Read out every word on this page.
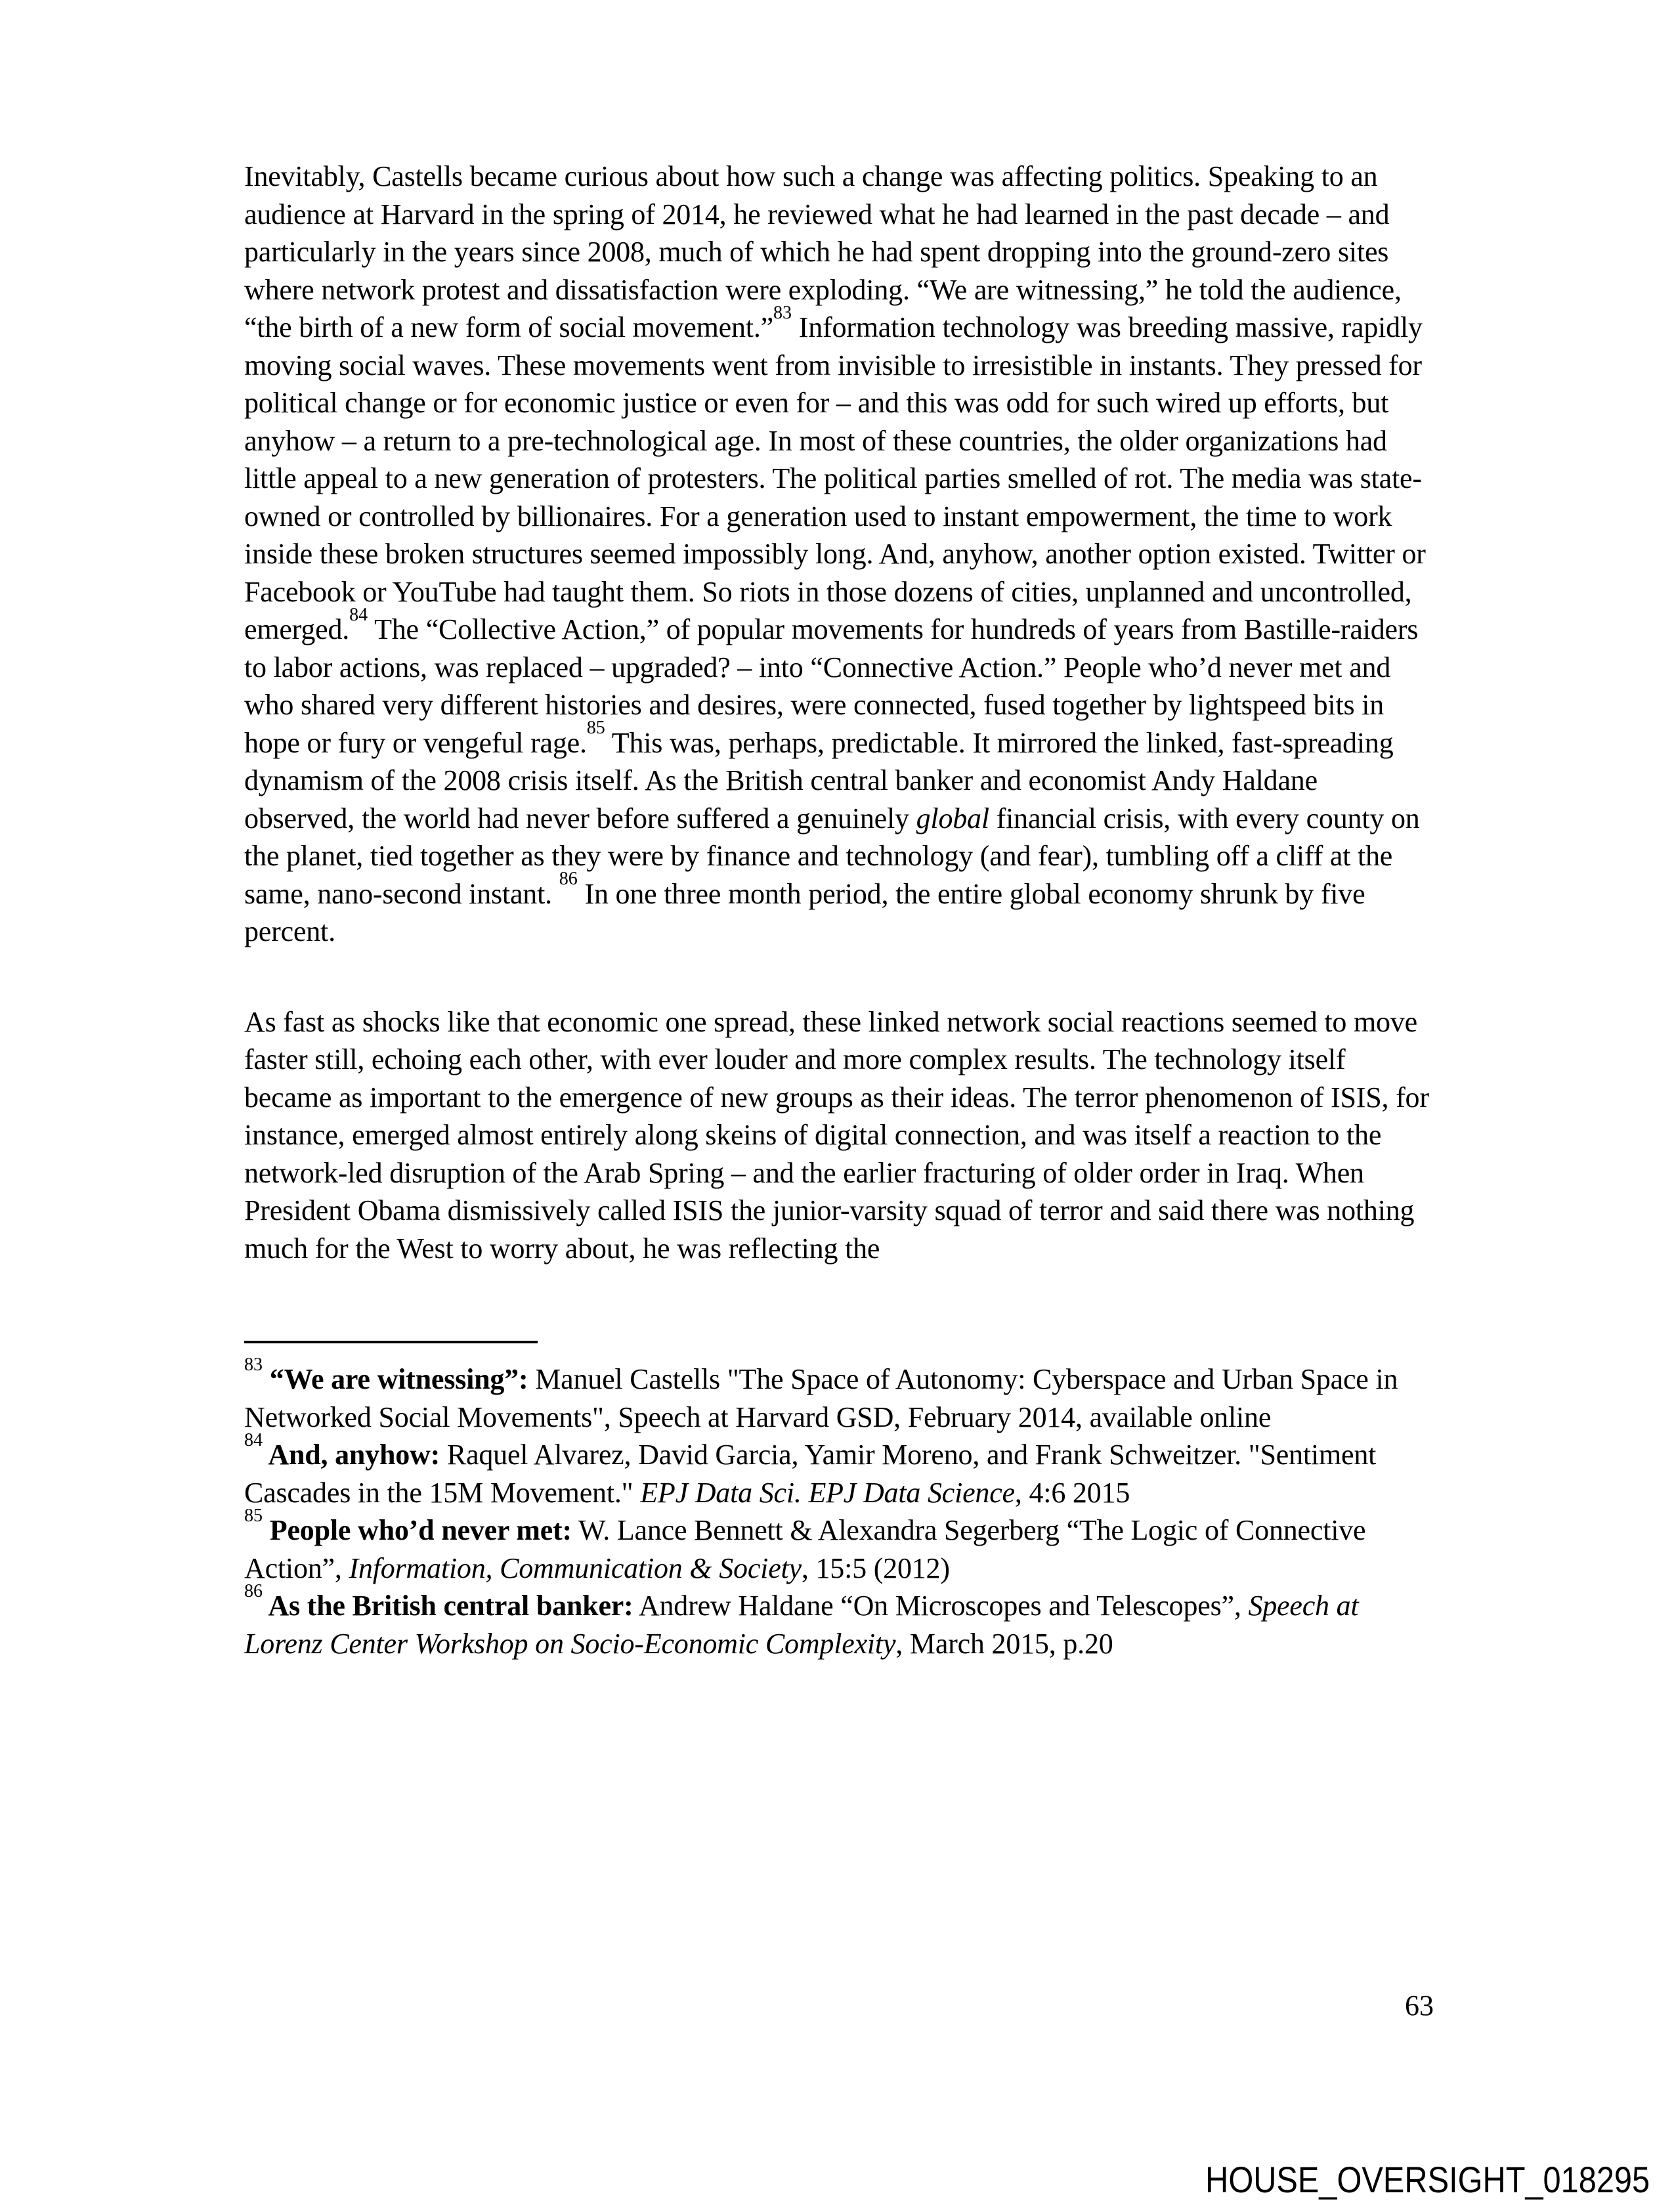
Inevitably, Castells became curious about how such a change was affecting politics. Speaking to an audience at Harvard in the spring of 2014, he reviewed what he had learned in the past decade – and particularly in the years since 2008, much of which he had spent dropping into the ground-zero sites where network protest and dissatisfaction were exploding. “We are witnessing,” he told the audience, “the birth of a new form of social movement.”$^{83}$ Information technology was breeding massive, rapidly moving social waves. These movements went from invisible to irresistible in instants. They pressed for political change or for economic justice or even for – and this was odd for such wired up efforts, but anyhow – a return to a pre-technological age. In most of these countries, the older organizations had little appeal to a new generation of protesters. The political parties smelled of rot. The media was state-owned or controlled by billionaires. For a generation used to instant empowerment, the time to work inside these broken structures seemed impossibly long. And, anyhow, another option existed. Twitter or Facebook or YouTube had taught them. So riots in those dozens of cities, unplanned and uncontrolled, emerged.$^{84}$ The “Collective Action,” of popular movements for hundreds of years from Bastille-raiders to labor actions, was replaced – upgraded? – into “Connective Action.” People who’d never met and who shared very different histories and desires, were connected, fused together by lightspeed bits in hope or fury or vengeful rage.$^{85}$ This was, perhaps, predictable. It mirrored the linked, fast-spreading dynamism of the 2008 crisis itself. As the British central banker and economist Andy Haldane observed, the world had never before suffered a genuinely global financial crisis, with every county on the planet, tied together as they were by finance and technology (and fear), tumbling off a cliff at the same, nano-second instant. $^{86}$ In one three month period, the entire global economy shrunk by five percent.

As fast as shocks like that economic one spread, these linked network social reactions seemed to move faster still, echoing each other, with ever louder and more complex results. The technology itself became as important to the emergence of new groups as their ideas. The terror phenomenon of ISIS, for instance, emerged almost entirely along skeins of digital connection, and was itself a reaction to the network-led disruption of the Arab Spring – and the earlier fracturing of older order in Iraq. When President Obama dismissively called ISIS the junior-varsity squad of terror and said there was nothing much for the West to worry about, he was reflecting the

$^{83}$ “We are witnessing”: Manuel Castells "The Space of Autonomy: Cyberspace and Urban Space in Networked Social Movements", Speech at Harvard GSD, February 2014, available online

$^{84}$ And, anyhow: Raquel Alvarez, David Garcia, Yamir Moreno, and Frank Schweitzer. "Sentiment Cascades in the 15M Movement." EPJ Data Sci. EPJ Data Science, 4:6 2015

$^{85}$ People who’d never met: W. Lance Bennett & Alexandra Segerberg “The Logic of Connective Action”, Information, Communication & Society, 15:5 (2012)

$^{86}$ As the British central banker: Andrew Haldane “On Microscopes and Telescopes”, Speech at Lorenz Center Workshop on Socio-Economic Complexity, March 2015, p.20

63
HOUSE_OVERSIGHT_018295
